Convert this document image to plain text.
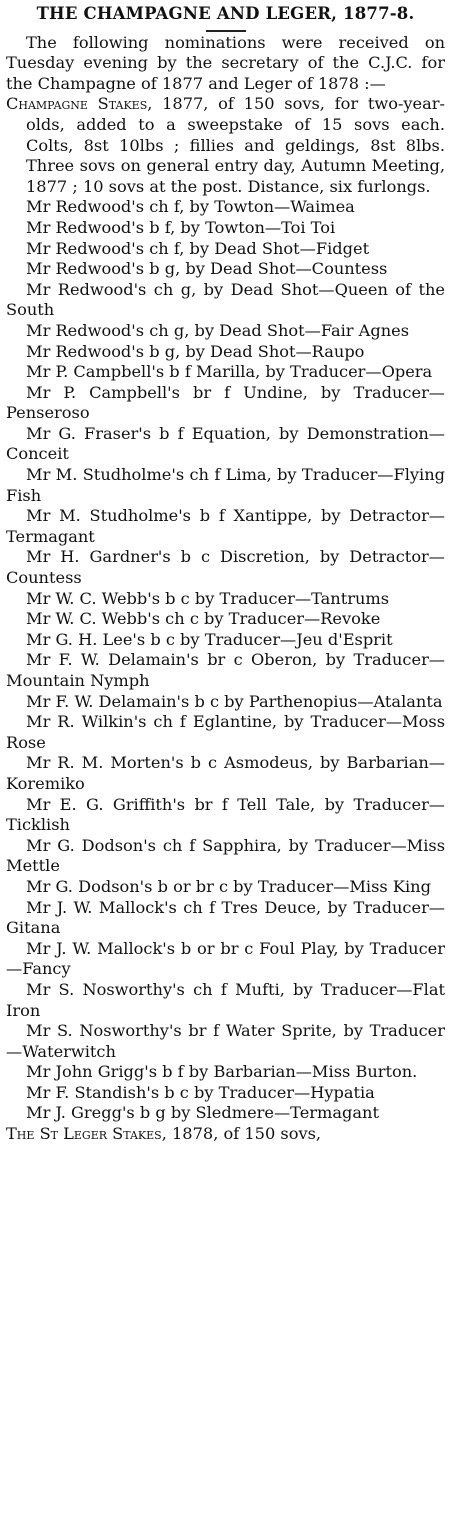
THE CHAMPAGNE AND LEGER, 1877-8.

The following nominations were received on Tuesday evening by the secretary of the C.J.C. for the Champagne of 1877 and Leger of 1878 :—

Champagne Stakes, 1877, of 150 sovs, for two-year-olds, added to a sweepstake of 15 sovs each. Colts, 8st 10lbs ; fillies and geldings, 8st 8lbs. Three sovs on general entry day, Autumn Meeting, 1877 ; 10 sovs at the post. Distance, six furlongs.

Mr Redwood's ch f, by Towton—Waimea

Mr Redwood's b f, by Towton—Toi Toi

Mr Redwood's ch f, by Dead Shot—Fidget

Mr Redwood's b g, by Dead Shot—Countess

Mr Redwood's ch g, by Dead Shot—Queen of the South

Mr Redwood's ch g, by Dead Shot—Fair Agnes

Mr Redwood's b g, by Dead Shot—Raupo

Mr P. Campbell's b f Marilla, by Traducer—Opera

Mr P. Campbell's br f Undine, by Traducer—Penseroso

Mr G. Fraser's b f Equation, by Demonstration—Conceit

Mr M. Studholme's ch f Lima, by Traducer—Flying Fish

Mr M. Studholme's b f Xantippe, by Detractor—Termagant

Mr H. Gardner's b c Discretion, by Detractor—Countess

Mr W. C. Webb's b c by Traducer—Tantrums

Mr W. C. Webb's ch c by Traducer—Revoke

Mr G. H. Lee's b c by Traducer—Jeu d'Esprit

Mr F. W. Delamain's br c Oberon, by Traducer—Mountain Nymph

Mr F. W. Delamain's b c by Parthenopius—Atalanta

Mr R. Wilkin's ch f Eglantine, by Traducer—Moss Rose

Mr R. M. Morten's b c Asmodeus, by Barbarian—Koremiko

Mr E. G. Griffith's br f Tell Tale, by Traducer—Ticklish

Mr G. Dodson's ch f Sapphira, by Traducer—Miss Mettle

Mr G. Dodson's b or br c by Traducer—Miss King

Mr J. W. Mallock's ch f Tres Deuce, by Traducer—Gitana

Mr J. W. Mallock's b or br c Foul Play, by Traducer—Fancy

Mr S. Nosworthy's ch f Mufti, by Traducer—Flat Iron

Mr S. Nosworthy's br f Water Sprite, by Traducer—Waterwitch

Mr John Grigg's b f by Barbarian—Miss Burton.

Mr F. Standish's b c by Traducer—Hypatia

Mr J. Gregg's b g by Sledmere—Termagant

The St Leger Stakes, 1878, of 150 sovs,
